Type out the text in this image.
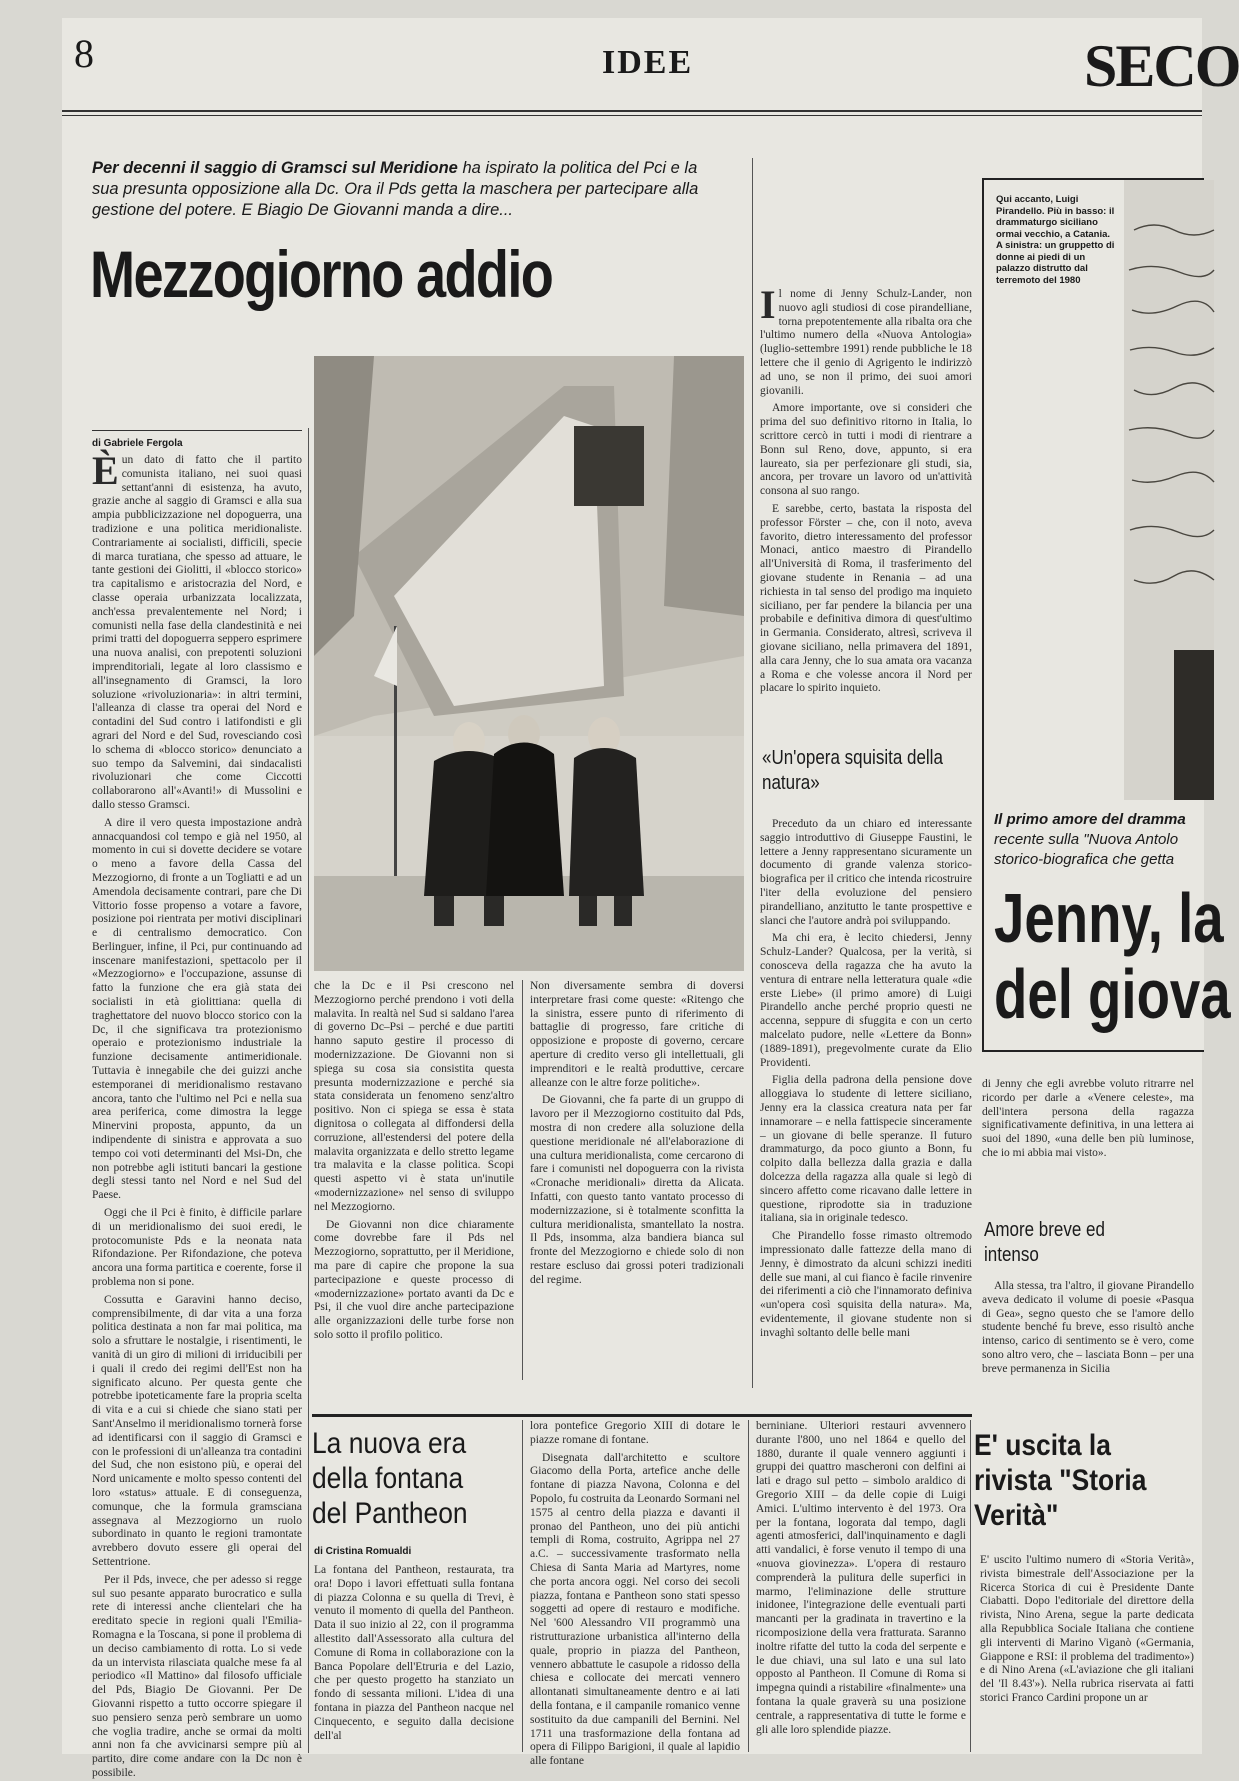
8	IDEE	SECO
Per decenni il saggio di Gramsci sul Meridione ha ispirato la politica del Pci e la sua presunta opposizione alla Dc. Ora il Pds getta la maschera per partecipare alla gestione del potere. E Biagio De Giovanni manda a dire...
Mezzogiorno addio
di Gabriele Fergola
È un dato di fatto che il partito comunista italiano, nei suoi quasi settant'anni di esistenza, ha avuto, grazie anche al saggio di Gramsci e alla sua ampia pubblicizzazione nel dopoguerra, una tradizione e una politica meridionaliste. Contrariamente ai socialisti, difficili, specie di marca turatiana, che spesso ad attuare, le tante gestioni dei Giolitti, il «blocco storico» tra capitalismo e aristocrazia del Nord, e classe operaia urbanizzata localizzata, anch'essa prevalentemente nel Nord; i comunisti nella fase della clandestinità e nei primi tratti del dopoguerra seppero esprimere una nuova analisi, con prepotenti soluzioni imprenditoriali, legate al loro classismo e all'insegnamento di Gramsci, la loro soluzione «rivoluzionaria»: in altri termini, l'alleanza di classe tra operai del Nord e contadini del Sud contro i latifondisti e gli agrari del Nord e del Sud, rovesciando così lo schema di «blocco storico» denunciato a suo tempo da Salvemini, dai sindacalisti rivoluzionari che come Ciccotti collaborarono all'«Avanti!» di Mussolini e dallo stesso Gramsci.

A dire il vero questa impostazione andrà annacquandosi col tempo e già nel 1950, al momento in cui si dovette decidere se votare o meno a favore della Cassa del Mezzogiorno, di fronte a un Togliatti e ad un Amendola decisamente contrari, pare che Di Vittorio fosse propenso a votare a favore, posizione poi rientrata per motivi disciplinari e di centralismo democratico. Con Berlinguer, infine, il Pci, pur continuando ad inscenare manifestazioni, spettacolo per il «Mezzogiorno» e l'occupazione, assunse di fatto la funzione che era già stata dei socialisti in età giolittiana: quella di traghettatore del nuovo blocco storico con la Dc, il che significava tra protezionismo operaio e protezionismo industriale la funzione decisamente antimeridionale. Tuttavia è innegabile che dei guizzi anche estemporanei di meridionalismo restavano ancora, tanto che l'ultimo nel Pci e nella sua area periferica, come dimostra la legge Minervini proposta, appunto, da un indipendente di sinistra e approvata a suo tempo coi voti determinanti del Msi-Dn, che non potrebbe agli istituti bancari la gestione degli stessi tanto nel Nord e nel Sud del Paese.

Oggi che il Pci è finito, è difficile parlare di un meridionalismo dei suoi eredi, le protocomuniste Pds e la neonata nata Rifondazione. Per Rifondazione, che poteva ancora una forma partitica e coerente, forse il problema non si pone.

Cossutta e Garavini hanno deciso, comprensibilmente, di dar vita a una forza politica destinata a non far mai politica, ma solo a sfruttare le nostalgie, i risentimenti, le vanità di un giro di milioni di irriducibili per i quali il credo dei regimi dell'Est non ha significato alcuno. Per questa gente che potrebbe ipoteticamente fare la propria scelta di vita e a cui si chiede che siano stati per Sant'Anselmo il meridionalismo tornerà forse ad identificarsi con il saggio di Gramsci e con le professioni di un'alleanza tra contadini del Sud, che non esistono più, e operai del Nord unicamente e molto spesso contenti del loro «status» attuale. E di conseguenza, comunque, che la formula gramsciana assegnava al Mezzogiorno un ruolo subordinato in quanto le regioni tramontate avrebbero dovuto essere gli operai del Settentrione.

Per il Pds, invece, che per adesso si regge sul suo pesante apparato burocratico e sulla rete di interessi anche clientelari che ha ereditato specie in regioni quali l'Emilia-Romagna e la Toscana, si pone il problema di un deciso cambiamento di rotta. Lo si vede da un intervista rilasciata qualche mese fa al periodico «Il Mattino» dal filosofo ufficiale del Pds, Biagio De Giovanni. Per De Giovanni rispetto a tutto occorre spiegare il suo pensiero senza però sembrare un uomo che voglia tradire, anche se ormai da molti anni non fa che avvicinarsi sempre più al partito, dire come andare con la Dc non è possibile.

che la Dc e il Psi crescono nel Mezzogiorno perché prendono i voti della malavita. In realtà nel Sud si saldano l'area di governo Dc–Psi – perché e due partiti hanno saputo gestire il processo di modernizzazione. De Giovanni non si spiega su cosa sia consistita questa presunta modernizzazione e perché sia stata considerata un fenomeno senz'altro positivo. Non ci spiega se essa è stata dignitosa o collegata al diffondersi della corruzione, all'estendersi del potere della malavita organizzata e dello stretto legame tra malavita e la classe politica. Scopi questi aspetto vi è stata un'inutile «modernizzazione» nel senso di sviluppo nel Mezzogiorno.

De Giovanni non dice chiaramente come dovrebbe fare il Pds nel Mezzogiorno, soprattutto, per il Meridione, ma pare di capire che propone la sua partecipazione e queste processo di «modernizzazione» portato avanti da Dc e Psi, il che vuol dire anche partecipazione alle organizzazioni delle turbe forse non solo sotto il profilo politico.

Non diversamente sembra di doversi interpretare frasi come queste: «Ritengo che la sinistra, essere punto di riferimento di battaglie di progresso, fare critiche di opposizione e proposte di governo, cercare aperture di credito verso gli intellettuali, gli imprenditori e le realtà produttive, cercare alleanze con le altre forze politiche».

De Giovanni, che fa parte di un gruppo di lavoro per il Mezzogiorno costituito dal Pds, mostra di non credere alla soluzione della questione meridionale né all'elaborazione di una cultura meridionalista, come cercarono di fare i comunisti nel dopoguerra con la rivista «Cronache meridionali» diretta da Alicata. Infatti, con questo tanto vantato processo di modernizzazione, si è totalmente sconfitta la cultura meridionalista, smantellato la nostra. Il Pds, insomma, alza bandiera bianca sul fronte del Mezzogiorno e chiede solo di non restare escluso dai grossi poteri tradizionali del regime.

I l nome di Jenny Schulz-Lander, non nuovo agli studiosi di cose pirandelliane, torna prepotentemente alla ribalta ora che l'ultimo numero della «Nuova Antologia» (luglio-settembre 1991) rende pubbliche le 18 lettere che il genio di Agrigento le indirizzò ad uno, se non il primo, dei suoi amori giovanili.

Amore importante, ove si consideri che prima del suo definitivo ritorno in Italia, lo scrittore cercò in tutti i modi di rientrare a Bonn sul Reno, dove, appunto, si era laureato, sia per perfezionare gli studi, sia, ancora, per trovare un lavoro od un'attività consona al suo rango.

E sarebbe, certo, bastata la risposta del professor Förster – che, con il noto, aveva favorito, dietro interessamento del professor Monaci, antico maestro di Pirandello all'Università di Roma, il trasferimento del giovane studente in Renania – ad una richiesta in tal senso del prodigo ma inquieto siciliano, per far pendere la bilancia per una probabile e definitiva dimora di quest'ultimo in Germania. Considerato, altresì, scriveva il giovane siciliano, nella primavera del 1891, alla cara Jenny, che lo sua amata ora vacanza a Roma e che volesse ancora il Nord per placare lo spirito inquieto.

«Un'opera squisita della natura»

Preceduto da un chiaro ed interessante saggio introduttivo di Giuseppe Faustini, le lettere a Jenny rappresentano sicuramente un documento di grande valenza storico-biografica per il critico che intenda ricostruire l'iter della evoluzione del pensiero pirandelliano, anzitutto le tante prospettive e slanci che l'autore andrà poi sviluppando.

Ma chi era, è lecito chiedersi, Jenny Schulz-Lander? Qualcosa, per la verità, si conosceva della ragazza che ha avuto la ventura di entrare nella letteratura quale «die erste Liebe» (il primo amore) di Luigi Pirandello anche perché proprio questi ne accenna, seppure di sfuggita e con un certo malcelato pudore, nelle «Lettere da Bonn» (1889-1891), pregevolmente curate da Elio Providenti.

Figlia della padrona della pensione dove alloggiava lo studente di lettere siciliano, Jenny era la classica creatura nata per far innamorare – e nella fattispecie sinceramente – un giovane di belle speranze. Il futuro drammaturgo, da poco giunto a Bonn, fu colpito dalla bellezza dalla grazia e dalla dolcezza della ragazza alla quale si legò di sincero affetto come ricavano dalle lettere in questione, riprodotte sia in traduzione italiana, sia in originale tedesco.

Che Pirandello fosse rimasto oltremodo impressionato dalle fattezze della mano di Jenny, è dimostrato da alcuni schizzi inediti delle sue mani, al cui fianco è facile rinvenire dei riferimenti a ciò che l'innamorato definiva «un'opera così squisita della natura». Ma, evidentemente, il giovane studente non si invaghì soltanto delle belle mani

Qui accanto, Luigi Pirandello. Più in basso: il drammaturgo siciliano ormai vecchio, a Catania. A sinistra: un gruppetto di donne ai piedi di un palazzo distrutto dal terremoto del 1980
Il primo amore del dramma
recente sulla "Nuova Antolo
storico-biografica che getta
Jenny, la
del giova
di Jenny che egli avrebbe voluto ritrarre nel ricordo per darle a «Venere celeste», ma dell'intera persona della ragazza significativamente definitiva, in una lettera ai suoi del 1890, «una delle ben più luminose, che io mi abbia mai visto».
Amore breve ed intenso

Alla stessa, tra l'altro, il giovane Pirandello aveva dedicato il volume di poesie «Pasqua di Gea», segno questo che se l'amore dello studente benché fu breve, esso risultò anche intenso, carico di sentimento se è vero, come sono altro vero, che – lasciata Bonn – per una breve permanenza in Sicilia

La nuova era della fontana del Pantheon
di Cristina Romualdi
La fontana del Pantheon, restaurata, tra ora! Dopo i lavori effettuati sulla fontana di piazza Colonna e su quella di Trevi, è venuto il momento di quella del Pantheon. Data il suo inizio al 22, con il programma allestito dall'Assessorato alla cultura del Comune di Roma in collaborazione con la Banca Popolare dell'Etruria e del Lazio, che per questo progetto ha stanziato un fondo di sessanta milioni. L'idea di una fontana in piazza del Pantheon nacque nel Cinquecento, e seguito dalla decisione dell'al
lora pontefice Gregorio XIII di dotare le piazze romane di fontane.

Disegnata dall'architetto e scultore Giacomo della Porta, artefice anche delle fontane di piazza Navona, Colonna e del Popolo, fu costruita da Leonardo Sormani nel 1575 al centro della piazza e davanti il pronao del Pantheon, uno dei più antichi templi di Roma, costruito, Agrippa nel 27 a.C. – successivamente trasformato nella Chiesa di Santa Maria ad Martyres, nome che porta ancora oggi. Nel corso dei secoli piazza, fontana e Pantheon sono stati spesso soggetti ad opere di restauro e modifiche. Nel '600 Alessandro VII programmò una ristrutturazione urbanistica all'interno della quale, proprio in piazza del Pantheon, vennero abbattute le casupole a ridosso della chiesa e collocate dei mercati vennero allontanati simultaneamente dentro e ai lati della fontana, e il campanile romanico venne sostituito da due campanili del Bernini. Nel 1711 una trasformazione della fontana ad opera di Filippo Barigioni, il quale al lapidio alle fontane

berniniane. Ulteriori restauri avvennero durante l'800, uno nel 1864 e quello del 1880, durante il quale vennero aggiunti i gruppi dei quattro mascheroni con delfini ai lati e drago sul petto – simbolo araldico di Gregorio XIII – da delle copie di Luigi Amici. L'ultimo intervento è del 1973. Ora per la fontana, logorata dal tempo, dagli agenti atmosferici, dall'inquinamento e dagli atti vandalici, è forse venuto il tempo di una «nuova giovinezza». L'opera di restauro comprenderà la pulitura delle superfici in marmo, l'eliminazione delle strutture inidonee, l'integrazione delle eventuali parti mancanti per la gradinata in travertino e la ricomposizione della vera fratturata. Saranno inoltre rifatte del tutto la coda del serpente e le due chiavi, una sul lato e una sul lato opposto al Pantheon. Il Comune di Roma si impegna quindi a ristabilire «finalmente» una fontana la quale graverà su una posizione centrale, a rappresentativa di tutte le forme e gli alle loro splendide piazze.
E' uscita la rivista "Storia Verità"
E' uscito l'ultimo numero di «Storia Verità», rivista bimestrale dell'Associazione per la Ricerca Storica di cui è Presidente Dante Ciabatti. Dopo l'editoriale del direttore della rivista, Nino Arena, segue la parte dedicata alla Repubblica Sociale Italiana che contiene gli interventi di Marino Viganò («Germania, Giappone e RSI: il problema del tradimento») e di Nino Arena («L'aviazione che gli italiani del 'Il 8.43'»). Nella rubrica riservata ai fatti storici Franco Cardini propone un ar
